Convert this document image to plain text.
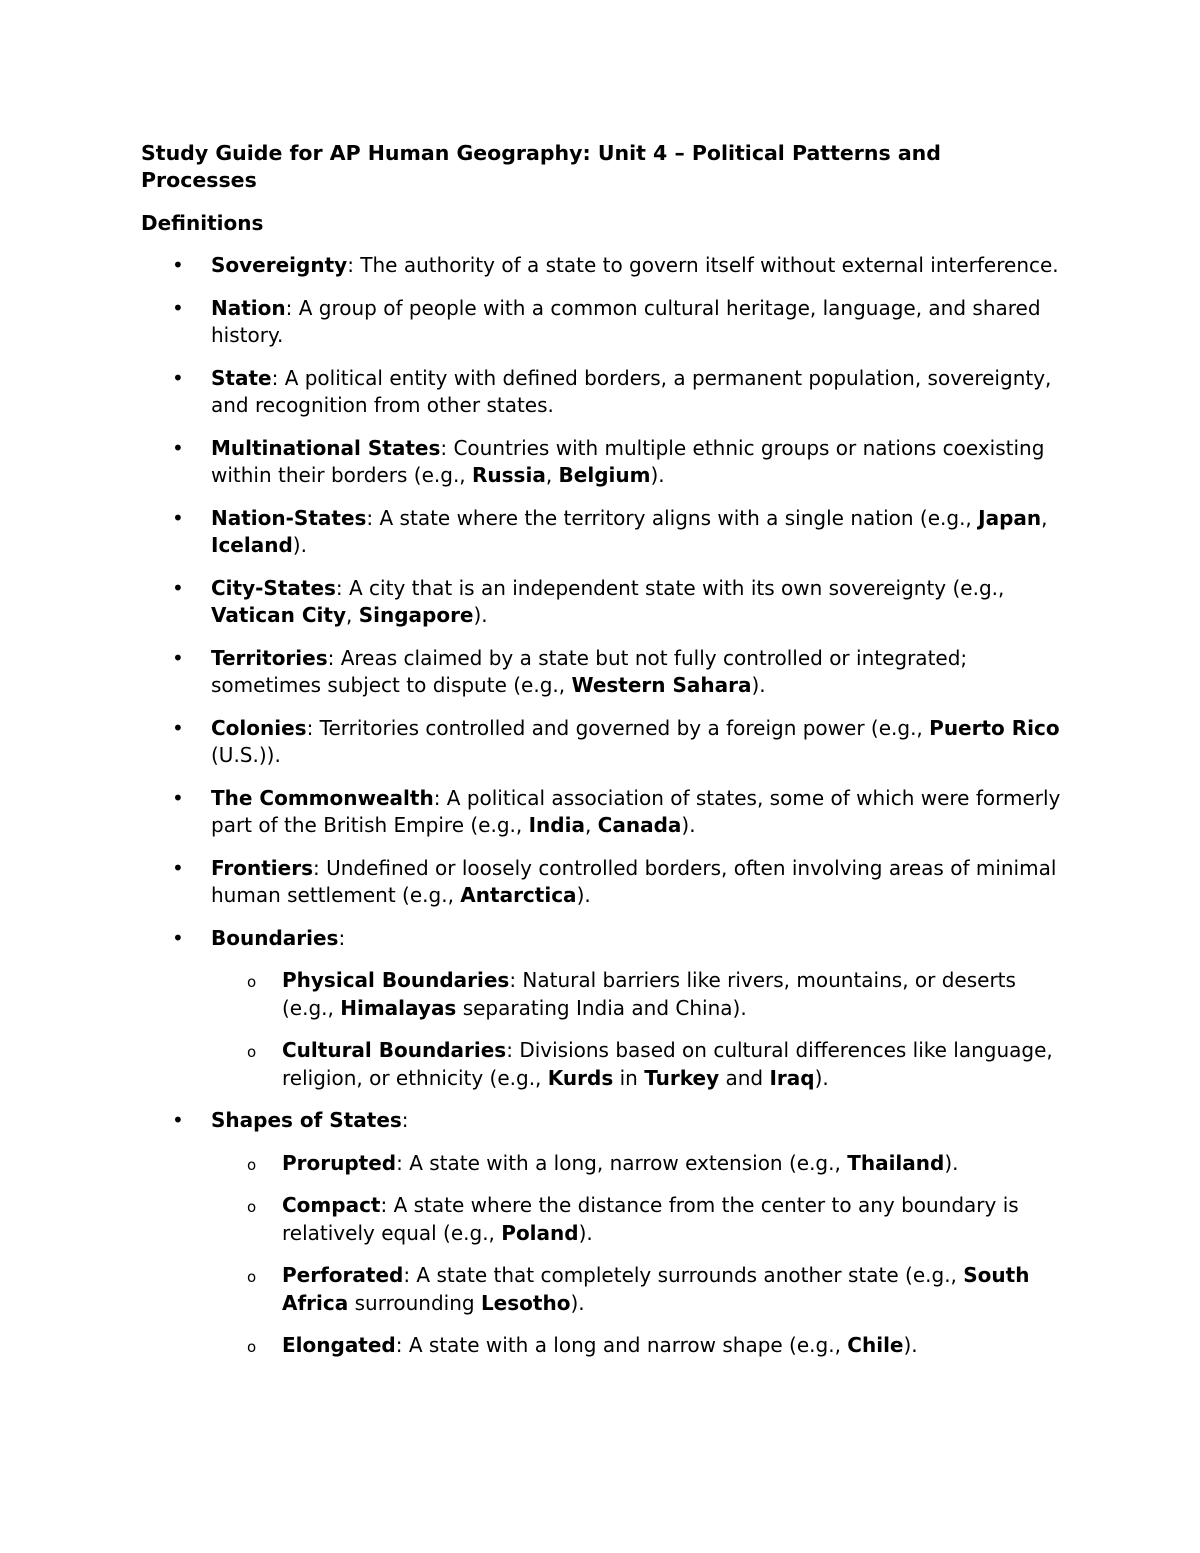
Study Guide for AP Human Geography: Unit 4 – Political Patterns and Processes
Definitions
• Sovereignty: The authority of a state to govern itself without external interference.
• Nation: A group of people with a common cultural heritage, language, and shared history.
• State: A political entity with defined borders, a permanent population, sovereignty, and recognition from other states.
• Multinational States: Countries with multiple ethnic groups or nations coexisting within their borders (e.g., Russia, Belgium).
• Nation-States: A state where the territory aligns with a single nation (e.g., Japan, Iceland).
• City-States: A city that is an independent state with its own sovereignty (e.g., Vatican City, Singapore).
• Territories: Areas claimed by a state but not fully controlled or integrated; sometimes subject to dispute (e.g., Western Sahara).
• Colonies: Territories controlled and governed by a foreign power (e.g., Puerto Rico (U.S.)).
• The Commonwealth: A political association of states, some of which were formerly part of the British Empire (e.g., India, Canada).
• Frontiers: Undefined or loosely controlled borders, often involving areas of minimal human settlement (e.g., Antarctica).
• Boundaries:
o Physical Boundaries: Natural barriers like rivers, mountains, or deserts (e.g., Himalayas separating India and China).
o Cultural Boundaries: Divisions based on cultural differences like language, religion, or ethnicity (e.g., Kurds in Turkey and Iraq).
• Shapes of States:
o Prorupted: A state with a long, narrow extension (e.g., Thailand).
o Compact: A state where the distance from the center to any boundary is relatively equal (e.g., Poland).
o Perforated: A state that completely surrounds another state (e.g., South Africa surrounding Lesotho).
o Elongated: A state with a long and narrow shape (e.g., Chile).
